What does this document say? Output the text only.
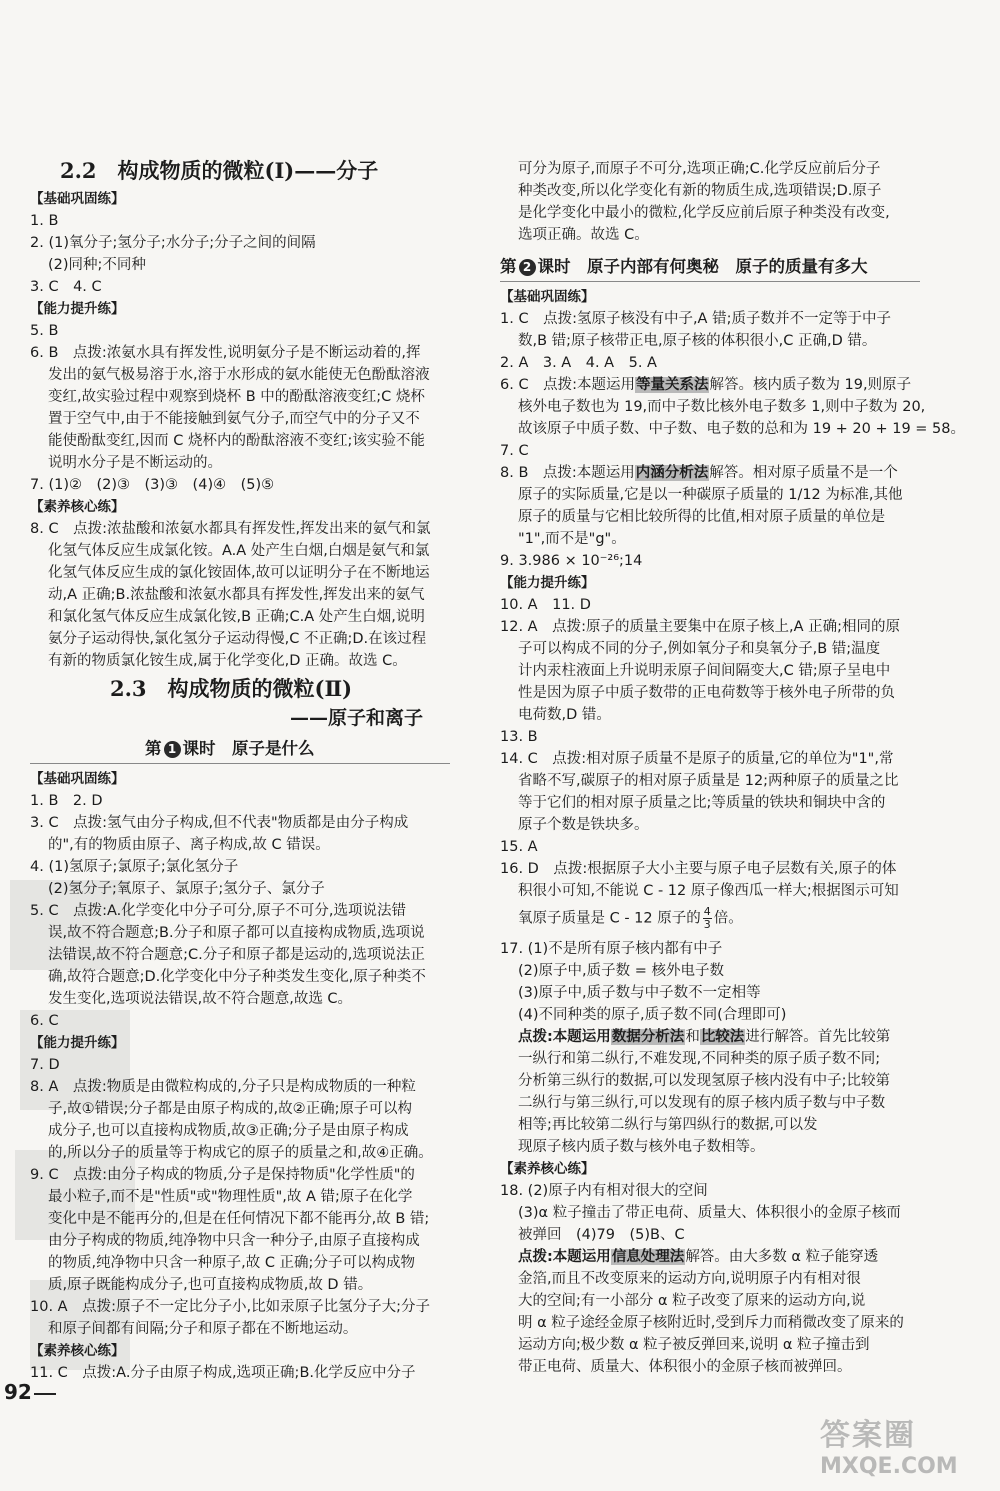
2.2　构成物质的微粒(Ⅰ)——分子
【基础巩固练】
1. B
2. (1)氧分子;氢分子;水分子;分子之间的间隔
(2)同种;不同种
3. C　4. C
【能力提升练】
5. B
6. B　点拨:浓氨水具有挥发性,说明氨分子是不断运动着的,挥
发出的氨气极易溶于水,溶于水形成的氨水能使无色酚酞溶液
变红,故实验过程中观察到烧杯 B 中的酚酞溶液变红;C 烧杯
置于空气中,由于不能接触到氨气分子,而空气中的分子又不
能使酚酞变红,因而 C 烧杯内的酚酞溶液不变红;该实验不能
说明水分子是不断运动的。
7. (1)②　(2)③　(3)③　(4)④　(5)⑤
【素养核心练】
8. C　点拨:浓盐酸和浓氨水都具有挥发性,挥发出来的氨气和氯
化氢气体反应生成氯化铵。A.A 处产生白烟,白烟是氨气和氯
化氢气体反应生成的氯化铵固体,故可以证明分子在不断地运
动,A 正确;B.浓盐酸和浓氨水都具有挥发性,挥发出来的氨气
和氯化氢气体反应生成氯化铵,B 正确;C.A 处产生白烟,说明
氨分子运动得快,氯化氢分子运动得慢,C 不正确;D.在该过程
有新的物质氯化铵生成,属于化学变化,D 正确。故选 C。
2.3　构成物质的微粒(Ⅱ)
——原子和离子
第 1 课时　原子是什么
【基础巩固练】
1. B　2. D
3. C　点拨:氢气由分子构成,但不代表"物质都是由分子构成
的",有的物质由原子、离子构成,故 C 错误。
4. (1)氢原子;氯原子;氯化氢分子
(2)氢分子;氧原子、氯原子;氢分子、氯分子
5. C　点拨:A.化学变化中分子可分,原子不可分,选项说法错
误,故不符合题意;B.分子和原子都可以直接构成物质,选项说
法错误,故不符合题意;C.分子和原子都是运动的,选项说法正
确,故符合题意;D.化学变化中分子种类发生变化,原子种类不
发生变化,选项说法错误,故不符合题意,故选 C。
6. C
【能力提升练】
7. D
8. A　点拨:物质是由微粒构成的,分子只是构成物质的一种粒
子,故①错误;分子都是由原子构成的,故②正确;原子可以构
成分子,也可以直接构成物质,故③正确;分子是由原子构成
的,所以分子的质量等于构成它的原子的质量之和,故④正确。
9. C　点拨:由分子构成的物质,分子是保持物质"化学性质"的
最小粒子,而不是"性质"或"物理性质",故 A 错;原子在化学
变化中是不能再分的,但是在任何情况下都不能再分,故 B 错;
由分子构成的物质,纯净物中只含一种分子,由原子直接构成
的物质,纯净物中只含一种原子,故 C 正确;分子可以构成物
质,原子既能构成分子,也可直接构成物质,故 D 错。
10. A　点拨:原子不一定比分子小,比如汞原子比氢分子大;分子
和原子间都有间隔;分子和原子都在不断地运动。
【素养核心练】
11. C　点拨:A.分子由原子构成,选项正确;B.化学反应中分子
可分为原子,而原子不可分,选项正确;C.化学反应前后分子
种类改变,所以化学变化有新的物质生成,选项错误;D.原子
是化学变化中最小的微粒,化学反应前后原子种类没有改变,
选项正确。故选 C。
第 2 课时　原子内部有何奥秘　原子的质量有多大
【基础巩固练】
1. C　点拨:氢原子核没有中子,A 错;质子数并不一定等于中子
数,B 错;原子核带正电,原子核的体积很小,C 正确,D 错。
2. A　3. A　4. A　5. A
6. C　点拨:本题运用等量关系法解答。核内质子数为 19,则原子
核外电子数也为 19,而中子数比核外电子数多 1,则中子数为 20,
故该原子中质子数、中子数、电子数的总和为 19 + 20 + 19 = 58。
7. C
8. B　点拨:本题运用内涵分析法解答。相对原子质量不是一个
原子的实际质量,它是以一种碳原子质量的 1/12 为标准,其他
原子的质量与它相比较所得的比值,相对原子质量的单位是
"1",而不是"g"。
9. 3.986 × 10⁻²⁶;14
【能力提升练】
10. A　11. D
12. A　点拨:原子的质量主要集中在原子核上,A 正确;相同的原
子可以构成不同的分子,例如氧分子和臭氧分子,B 错;温度
计内汞柱液面上升说明汞原子间间隔变大,C 错;原子呈电中
性是因为原子中质子数带的正电荷数等于核外电子所带的负
电荷数,D 错。
13. B
14. C　点拨:相对原子质量不是原子的质量,它的单位为"1",常
省略不写,碳原子的相对原子质量是 12;两种原子的质量之比
等于它们的相对原子质量之比;等质量的铁块和铜块中含的
原子个数是铁块多。
15. A
16. D　点拨:根据原子大小主要与原子电子层数有关,原子的体
积很小可知,不能说 C - 12 原子像西瓜一样大;根据图示可知
氧原子质量是 C - 12 原子的 $\frac{4}{3}$ 倍。
17. (1)不是所有原子核内都有中子
(2)原子中,质子数 = 核外电子数
(3)原子中,质子数与中子数不一定相等
(4)不同种类的原子,质子数不同(合理即可)
点拨:本题运用数据分析法和比较法进行解答。首先比较第
一纵行和第二纵行,不难发现,不同种类的原子质子数不同;
分析第三纵行的数据,可以发现氢原子核内没有中子;比较第
二纵行与第三纵行,可以发现有的原子核内质子数与中子数
相等;再比较第二纵行与第四纵行的数据,可以发
现原子核内质子数与核外电子数相等。
【素养核心练】
18. (2)原子内有相对很大的空间
(3)α 粒子撞击了带正电荷、质量大、体积很小的金原子核而
被弹回　(4)79　(5)B、C
点拨:本题运用信息处理法解答。由大多数 α 粒子能穿透
金箔,而且不改变原来的运动方向,说明原子内有相对很
大的空间;有一小部分 α 粒子改变了原来的运动方向,说
明 α 粒子途经金原子核附近时,受到斥力而稍微改变了原来的
运动方向;极少数 α 粒子被反弹回来,说明 α 粒子撞击到
带正电荷、质量大、体积很小的金原子核而被弹回。
92
答案圈
MXQE.COM
